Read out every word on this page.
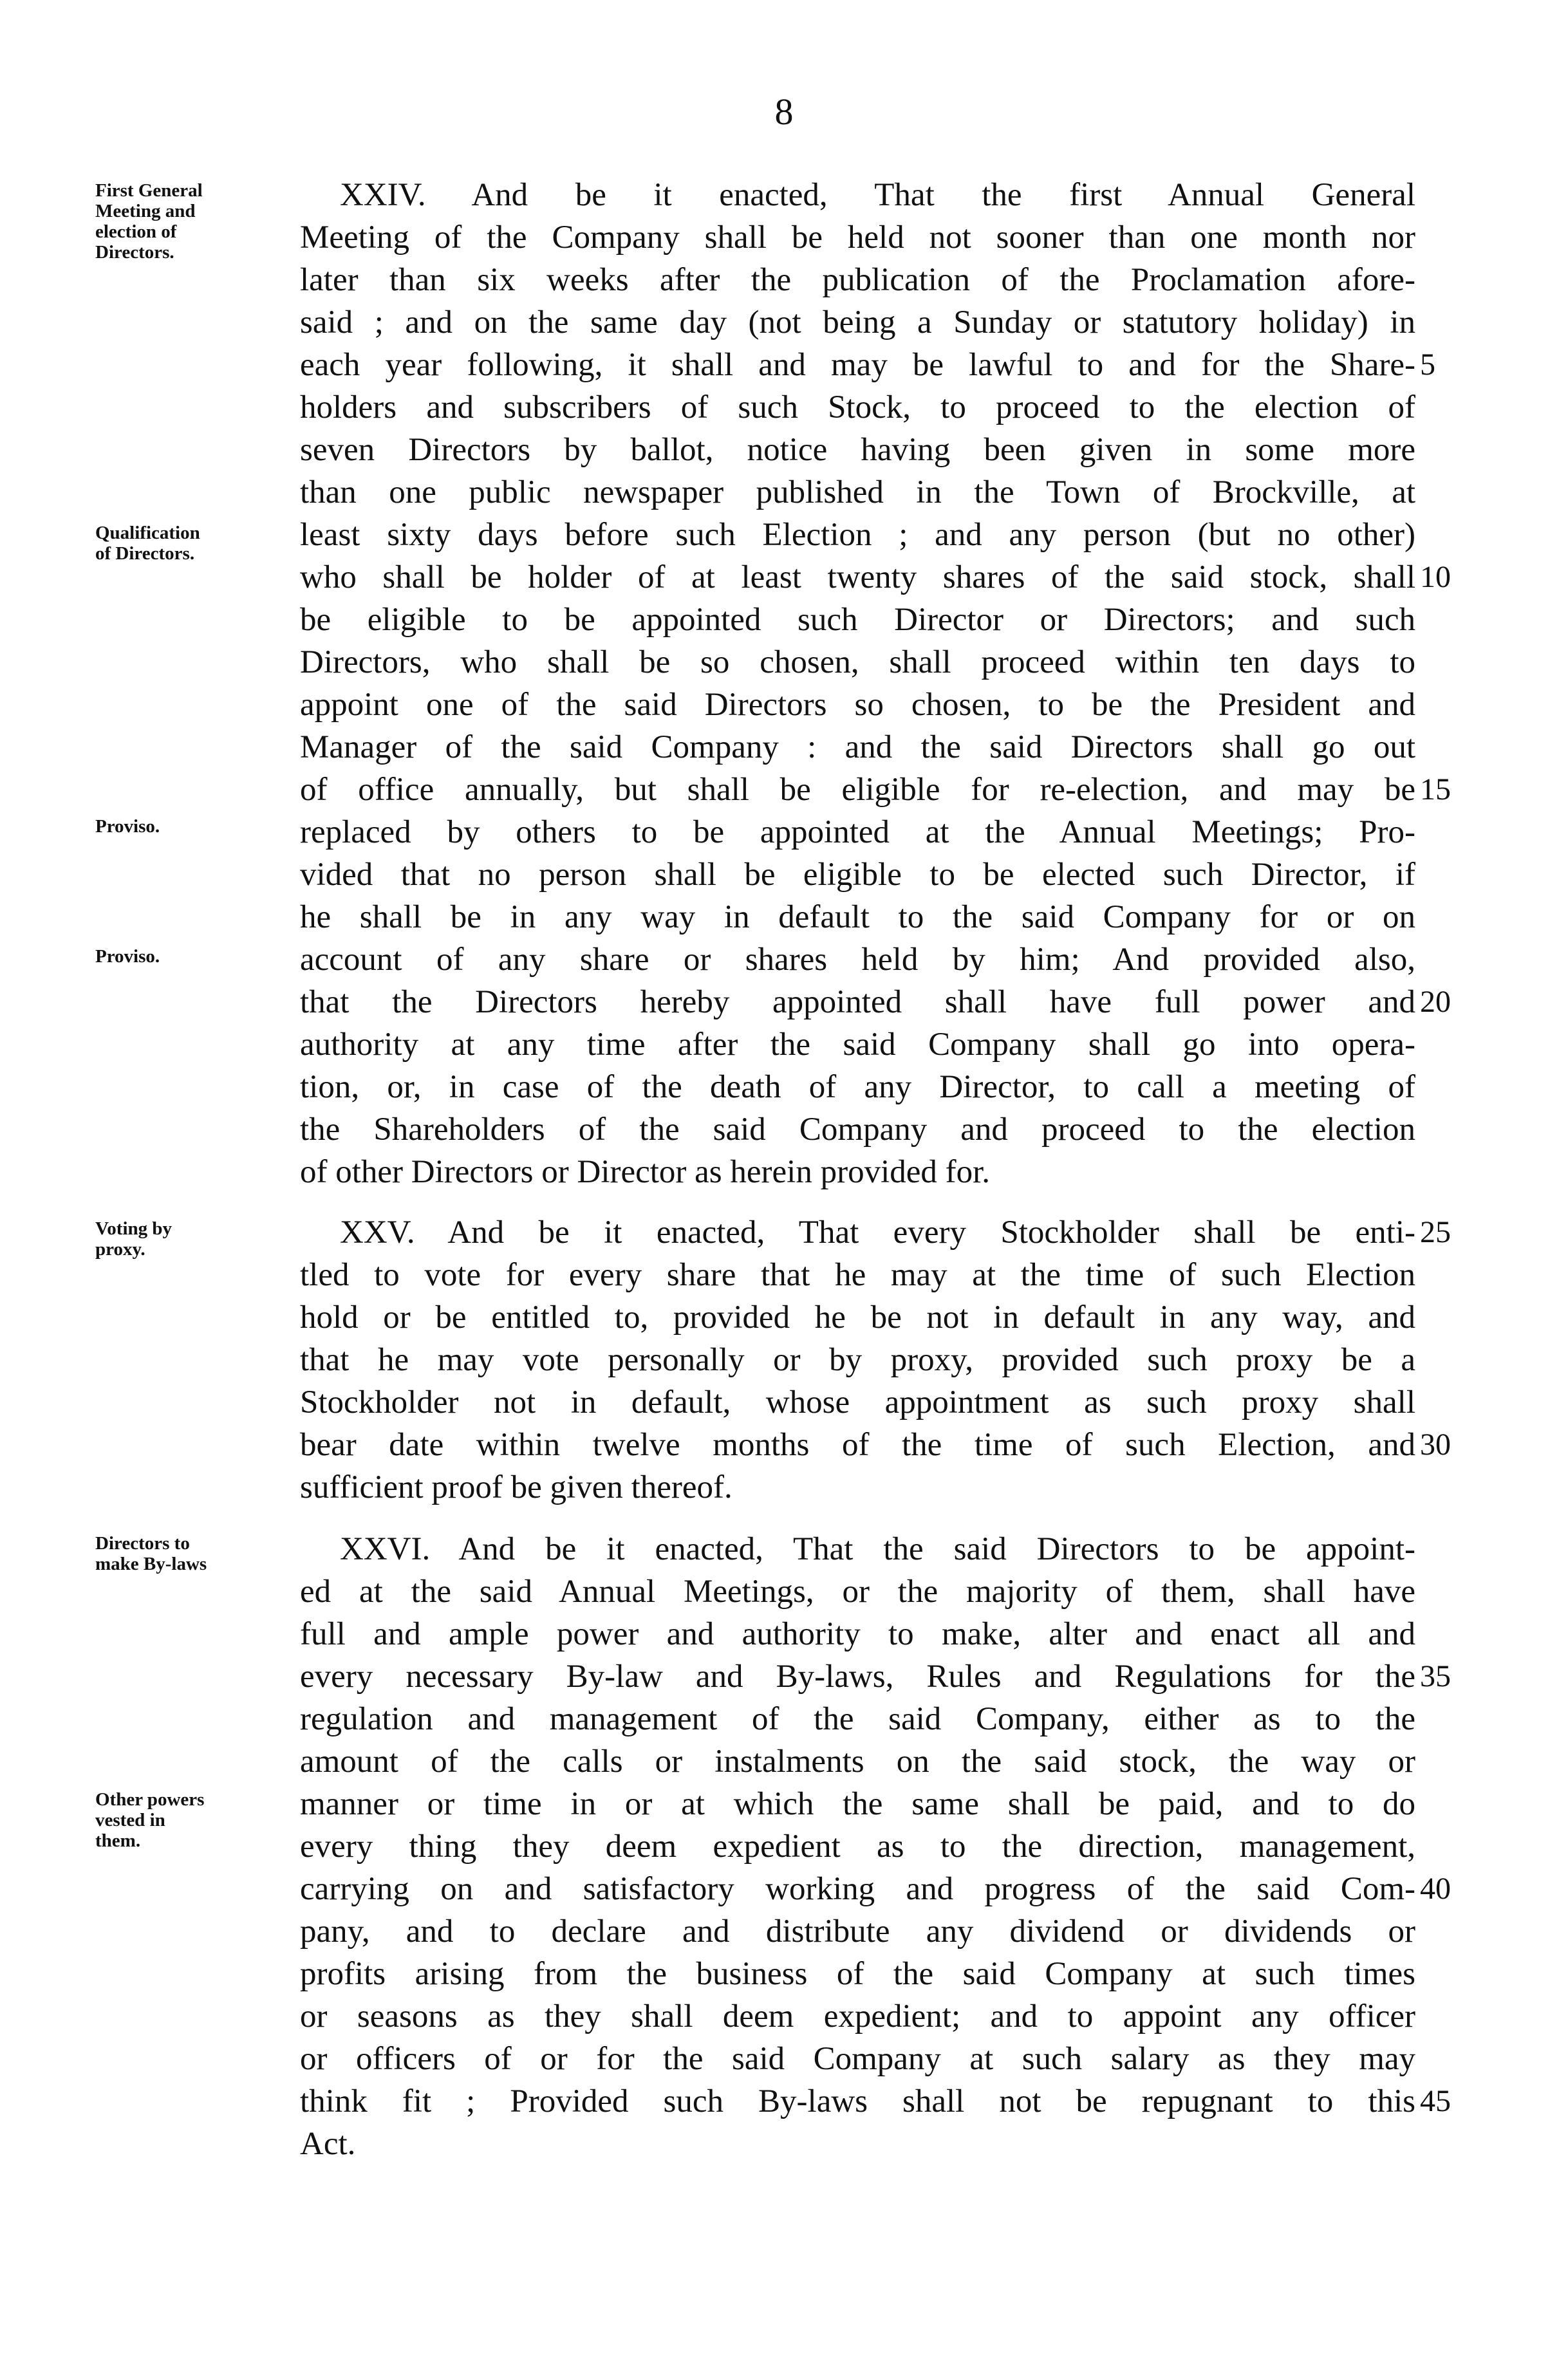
8
XXIV. And be it enacted, That the first Annual General
Meeting of the Company shall be held not sooner than one month nor
later than six weeks after the publication of the Proclamation afore-
said ; and on the same day (not being a Sunday or statutory holiday) in
each year following, it shall and may be lawful to and for the Share- 5
holders and subscribers of such Stock, to proceed to the election of
seven Directors by ballot, notice having been given in some more
than one public newspaper published in the Town of Brockville, at
least sixty days before such Election ; and any person (but no other)
who shall be holder of at least twenty shares of the said stock, shall 10
be eligible to be appointed such Director or Directors; and such
Directors, who shall be so chosen, shall proceed within ten days to
appoint one of the said Directors so chosen, to be the President and
Manager of the said Company : and the said Directors shall go out
of office annually, but shall be eligible for re-election, and may be 15
replaced by others to be appointed at the Annual Meetings; Pro-
vided that no person shall be eligible to be elected such Director, if
he shall be in any way in default to the said Company for or on
account of any share or shares held by him; And provided also,
that the Directors hereby appointed shall have full power and 20
authority at any time after the said Company shall go into opera-
tion, or, in case of the death of any Director, to call a meeting of
the Shareholders of the said Company and proceed to the election
of other Directors or Director as herein provided for.
First General
Meeting and
election of
Directors.
Qualification
of Directors.
Proviso.
Proviso.
XXV. And be it enacted, That every Stockholder shall be enti- 25
tled to vote for every share that he may at the time of such Election
hold or be entitled to, provided he be not in default in any way, and
that he may vote personally or by proxy, provided such proxy be a
Stockholder not in default, whose appointment as such proxy shall
bear date within twelve months of the time of such Election, and 30
sufficient proof be given thereof.
Voting by
proxy.
XXVI. And be it enacted, That the said Directors to be appoint-
ed at the said Annual Meetings, or the majority of them, shall have
full and ample power and authority to make, alter and enact all and
every necessary By-law and By-laws, Rules and Regulations for the 35
regulation and management of the said Company, either as to the
amount of the calls or instalments on the said stock, the way or
manner or time in or at which the same shall be paid, and to do
every thing they deem expedient as to the direction, management,
carrying on and satisfactory working and progress of the said Com- 40
pany, and to declare and distribute any dividend or dividends or
profits arising from the business of the said Company at such times
or seasons as they shall deem expedient; and to appoint any officer
or officers of or for the said Company at such salary as they may
think fit ; Provided such By-laws shall not be repugnant to this 45
Act.
Directors to
make By-laws
Other powers
vested in
them.
